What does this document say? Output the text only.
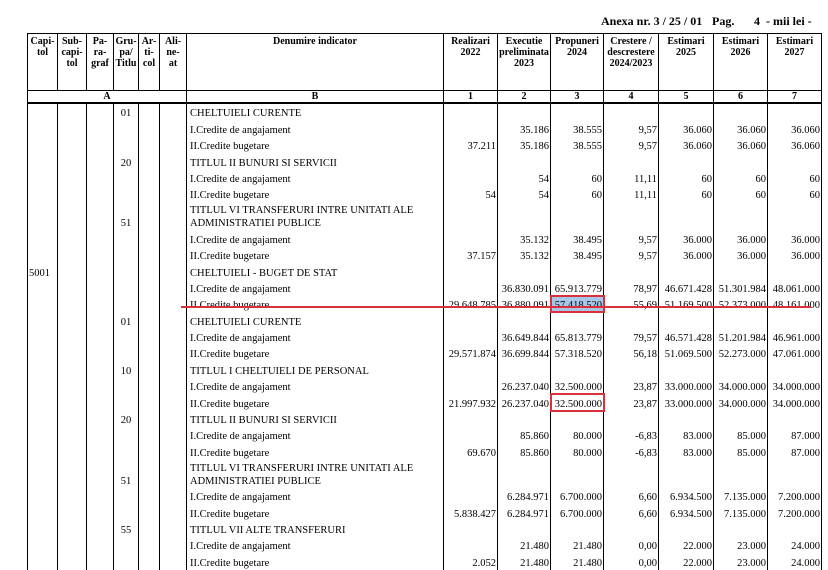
Anexa nr. 3 / 25 / 01 Pag. 4 - mii lei -
Capi- tol	Sub- capi- tol	Pa- ra- graf	Gru- pa/ Titlu	Ar- ti- col	Ali- ne- at	Denumire indicator	Realizari 2022	Executie preliminata 2023	Propuneri 2024	Crestere / descrestere 2024/2023	Estimari 2025	Estimari 2026	Estimari 2027
A						B	1	2	3	4	5	6	7
			01			CHELTUIELI CURENTE							

						I.Credite de angajament		35.186	38.555	9,57	36.060	36.060	36.060

						II.Credite bugetare	37.211	35.186	38.555	9,57	36.060	36.060	36.060
			20			TITLUL II BUNURI SI SERVICII							

						I.Credite de angajament		54	60	11,11	60	60	60

						II.Credite bugetare	54	54	60	11,11	60	60	60
			51			TITLUL VI TRANSFERURI INTRE UNITATI ALE ADMINISTRATIEI PUBLICE							

						I.Credite de angajament		35.132	38.495	9,57	36.000	36.000	36.000

						II.Credite bugetare	37.157	35.132	38.495	9,57	36.000	36.000	36.000
5001						CHELTUIELI - BUGET DE STAT							

						I.Credite de angajament		36.830.091	65.913.779	78,97	46.671.428	51.301.984	48.061.000

						II.Credite bugetare	29.648.785	36.880.091	57.418.520	55,69	51.169.500	52.373.000	48.161.000
			01			CHELTUIELI CURENTE							

						I.Credite de angajament		36.649.844	65.813.779	79,57	46.571.428	51.201.984	46.961.000

						II.Credite bugetare	29.571.874	36.699.844	57.318.520	56,18	51.069.500	52.273.000	47.061.000
			10			TITLUL I CHELTUIELI DE PERSONAL							

						I.Credite de angajament		26.237.040	32.500.000	23,87	33.000.000	34.000.000	34.000.000

						II.Credite bugetare	21.997.932	26.237.040	32.500.000	23,87	33.000.000	34.000.000	34.000.000
			20			TITLUL II BUNURI SI SERVICII							

						I.Credite de angajament		85.860	80.000	-6,83	83.000	85.000	87.000

						II.Credite bugetare	69.670	85.860	80.000	-6,83	83.000	85.000	87.000
			51			TITLUL VI TRANSFERURI INTRE UNITATI ALE ADMINISTRATIEI PUBLICE							

						I.Credite de angajament		6.284.971	6.700.000	6,60	6.934.500	7.135.000	7.200.000

						II.Credite bugetare	5.838.427	6.284.971	6.700.000	6,60	6.934.500	7.135.000	7.200.000
			55			TITLUL VII ALTE TRANSFERURI							

						I.Credite de angajament		21.480	21.480	0,00	22.000	23.000	24.000

						II.Credite bugetare	2.052	21.480	21.480	0,00	22.000	23.000	24.000
